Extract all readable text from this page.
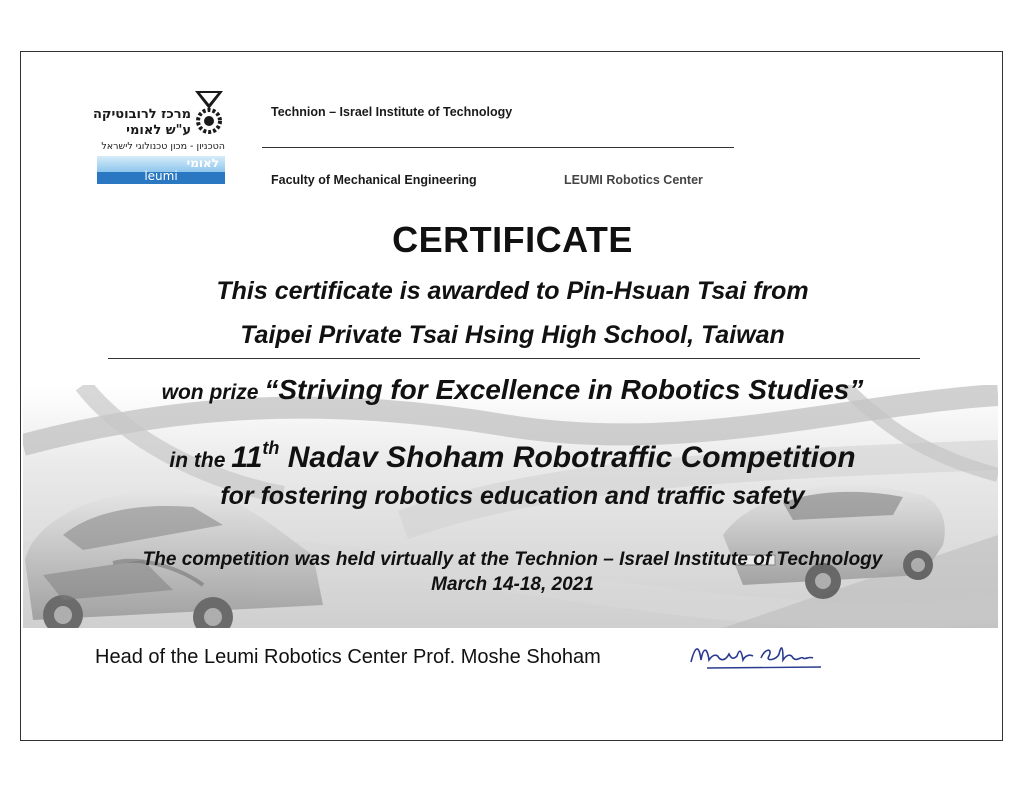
מרכז לרובוטיקה
ע"ש לאומי
הטכניון - מכון טכנולוגי לישראל
לאומי
leumi
Technion – Israel Institute of Technology
Faculty of Mechanical Engineering	LEUMI Robotics Center
CERTIFICATE
This certificate is awarded to Pin-Hsuan Tsai from
Taipei Private Tsai Hsing High School, Taiwan
won prize “Striving for Excellence in Robotics Studies”
in the 11th Nadav Shoham Robotraffic Competition
for fostering robotics education and traffic safety
The competition was held virtually at the Technion – Israel Institute of Technology
March 14-18, 2021
Head of the Leumi Robotics Center Prof. Moshe Shoham
